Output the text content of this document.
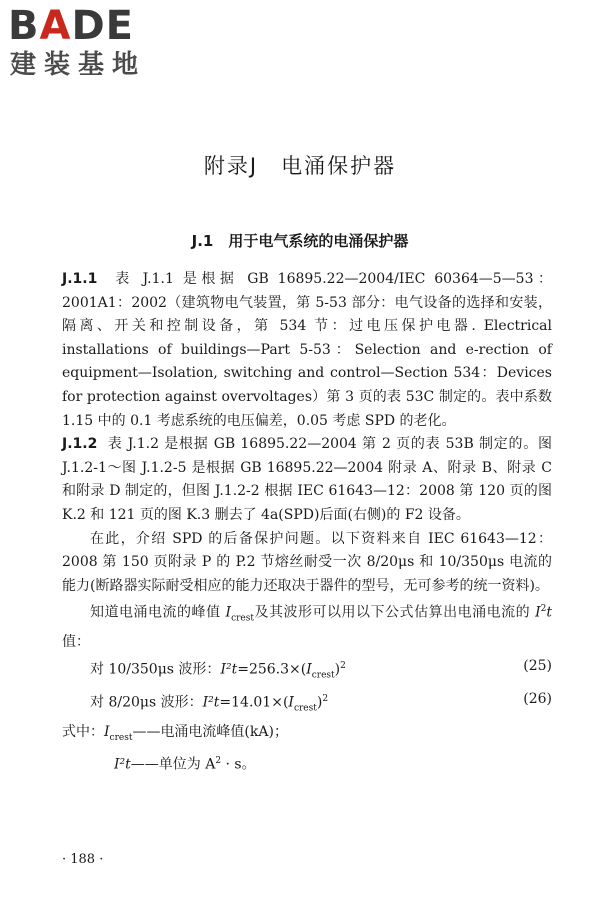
BADE

建装基地

附录J　电涌保护器
J.1　用于电气系统的电涌保护器

J.1.1 表 J.1.1 是根据 GB 16895.22—2004/IEC 60364—5—53：2001A1：2002（建筑物电气装置，第 5-53 部分：电气设备的选择和安装，隔离、开关和控制设备，第 534 节：过电压保护电器. Electrical installations of buildings—Part 5-53：Selection and e-rection of equipment—Isolation, switching and control—Section 534：Devices for protection against overvoltages）第 3 页的表 53C 制定的。表中系数 1.15 中的 0.1 考虑系统的电压偏差，0.05 考虑 SPD 的老化。

J.1.2 表 J.1.2 是根据 GB 16895.22—2004 第 2 页的表 53B 制定的。图 J.1.2-1～图 J.1.2-5 是根据 GB 16895.22—2004 附录 A、附录 B、附录 C 和附录 D 制定的，但图 J.1.2-2 根据 IEC 61643—12：2008 第 120 页的图 K.2 和 121 页的图 K.3 删去了 4a(SPD)后面(右侧)的 F2 设备。

在此，介绍 SPD 的后备保护问题。以下资料来自 IEC 61643—12：2008 第 150 页附录 P 的 P.2 节熔丝耐受一次 8/20μs 和 10/350μs 电流的能力(断路器实际耐受相应的能力还取决于器件的型号，无可参考的统一资料)。

知道电涌电流的峰值 $I_{crest}$及其波形可以用以下公式估算出电涌电流的 $I^2t$ 值：

对 10/350μs 波形：$I^2t=256.3\times(I_{crest})^2$	(25)
对 8/20μs 波形：$I^2t=14.01\times(I_{crest})^2$	(26)

式中：$I_{crest}——$电涌电流峰值(kA)；

I²t——单位为 $A^2 \cdot s$。

· 188 ·
